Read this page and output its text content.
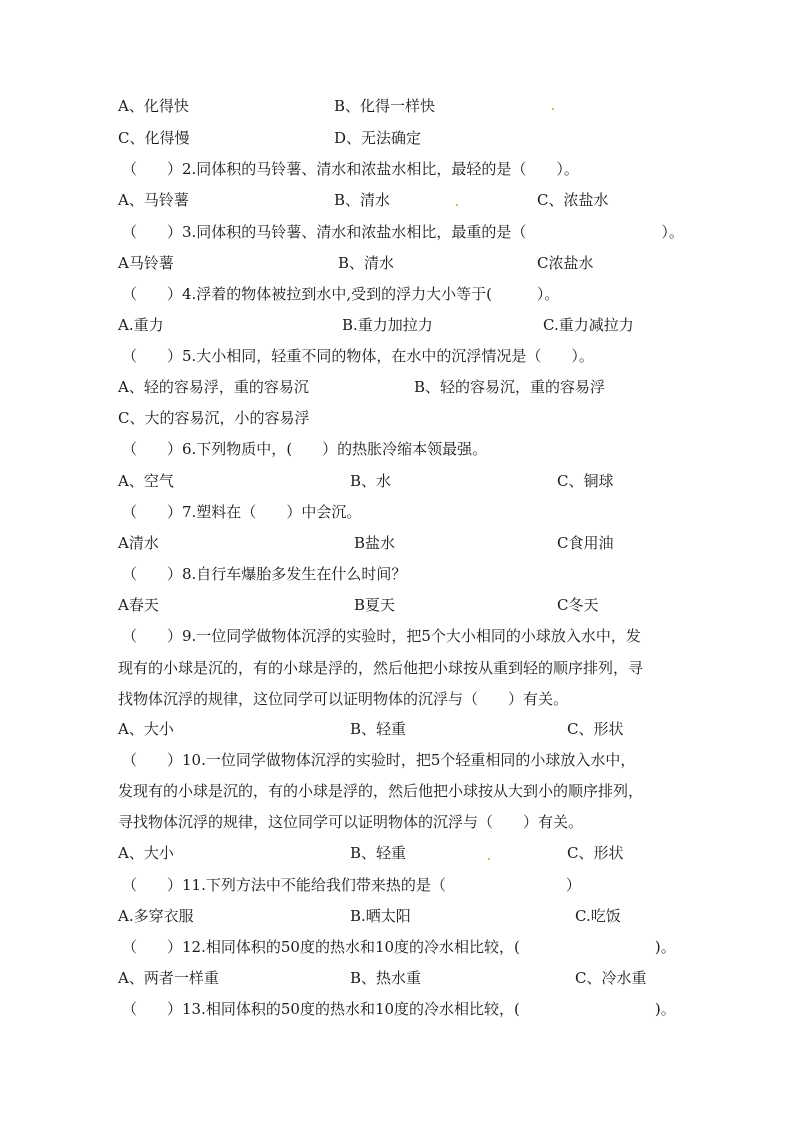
A、化得快	B、化得一样快
C、化得慢	D、无法确定
（　　）2.同体积的马铃薯、清水和浓盐水相比，最轻的是（　　）。
A、马铃薯	B、清水	C、浓盐水
（　　）3.同体积的马铃薯、清水和浓盐水相比，最重的是（　　　　　　　　　）。
A马铃薯	B、清水	C浓盐水
（　　）4.浮着的物体被拉到水中,受到的浮力大小等于(　　　）。
A.重力	B.重力加拉力	C.重力减拉力
（　　）5.大小相同，轻重不同的物体，在水中的沉浮情况是（　　）。
A、轻的容易浮，重的容易沉	B、轻的容易沉，重的容易浮
C、大的容易沉，小的容易浮
（　　）6.下列物质中，(　　）的热胀冷缩本领最强。
A、空气	B、水	C、铜球
（　　）7.塑料在（　　）中会沉。
A清水	B盐水	C食用油
（　　）8.自行车爆胎多发生在什么时间？
A春天	B夏天	C冬天
（　　）9.一位同学做物体沉浮的实验时，把5个大小相同的小球放入水中，发
现有的小球是沉的，有的小球是浮的，然后他把小球按从重到轻的顺序排列，寻
找物体沉浮的规律，这位同学可以证明物体的沉浮与（　　）有关。
A、大小	B、轻重	C、形状
（　　）10.一位同学做物体沉浮的实验时，把5个轻重相同的小球放入水中，
发现有的小球是沉的，有的小球是浮的，然后他把小球按从大到小的顺序排列，
寻找物体沉浮的规律，这位同学可以证明物体的沉浮与（　　）有关。
A、大小	B、轻重	C、形状
（　　）11.下列方法中不能给我们带来热的是（　　　　　　　　）
A.多穿衣服	B.晒太阳	C.吃饭
（　　）12.相同体积的50度的热水和10度的冷水相比较，(　　　　　　　　　)。
A、两者一样重	B、热水重	C、冷水重
（　　）13.相同体积的50度的热水和10度的冷水相比较，(　　　　　　　　　)。
